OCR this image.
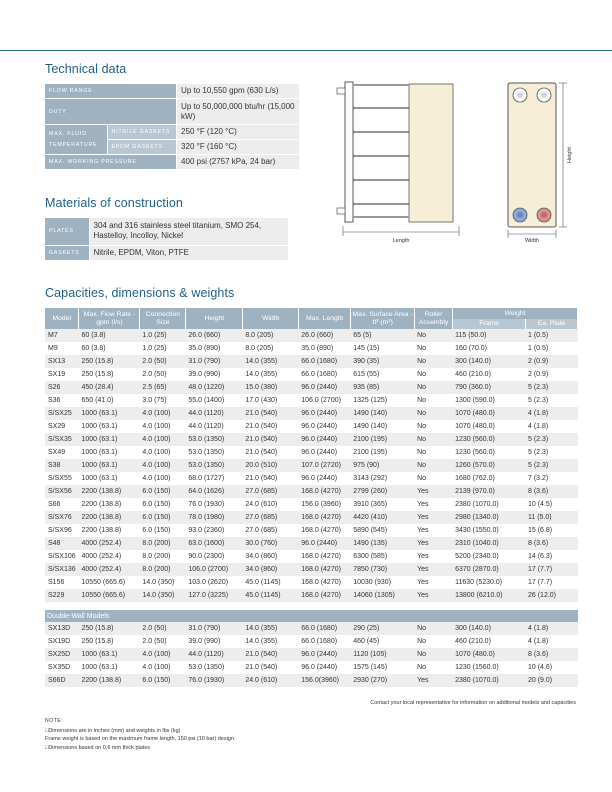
Technical data
FLOW RANGE		Up to 10,550 gpm (630 L/s)
DUTY		Up to 50,000,000 btu/hr (15,000 kW)
MAX. FLUID TEMPERATURE	NITRILE GASKETS	250 °F (120 °C)
	EPDM GASKETS	320 °F (160 °C)
MAX. WORKING PRESSURE		400 psi (2757 kPa, 24 bar)
Materials of construction
PLATES	304 and 316 stainless steel titanium, SMO 254, Hastelloy, Incolloy, Nickel
GASKETS	Nitrile, EPDM, Viton, PTFE
Length
Height
Width
Capacities, dimensions & weights
Model	Max. Flow Rate - gpm (l/s)	Connection Size	Height	Width	Max. Length	Max. Surface Area - ft² (m²)	Roller Assembly	Weight	
								Frame	Ea. Plate
M7	60 (3.8)	1.0 (25)	26.0 (660)	8.0 (205)	26.0 (660)	65 (5)	No	115 (50.0)	1 (0.5)
M9	60 (3.8)	1.0 (25)	35.0 (890)	8.0 (205)	35.0 (890)	145 (15)	No	160 (70.0)	1 (0.5)
SX13	250 (15.8)	2.0 (50)	31.0 (790)	14.0 (355)	66.0 (1680)	390 (35)	No	300 (140.0)	2 (0.9)
SX19	250 (15.8)	2.0 (50)	39.0 (990)	14.0 (355)	66.0 (1680)	615 (55)	No	460 (210.0)	2 (0.9)
S26	450 (28.4)	2.5 (65)	48.0 (1220)	15.0 (380)	96.0 (2440)	935 (85)	No	790 (360.0)	5 (2.3)
S36	650 (41.0)	3.0 (75)	55.0 (1400)	17.0 (430)	106.0 (2700)	1325 (125)	No	1300 (590.0)	5 (2.3)
S/SX25	1000 (63.1)	4.0 (100)	44.0 (1120)	21.0 (540)	96.0 (2440)	1490 (140)	No	1070 (480.0)	4 (1.8)
SX29	1000 (63.1)	4.0 (100)	44.0 (1120)	21.0 (540)	96.0 (2440)	1490 (140)	No	1070 (480.0)	4 (1.8)
S/SX35	1000 (63.1)	4.0 (100)	53.0 (1350)	21.0 (540)	96.0 (2440)	2100 (195)	No	1230 (560.0)	5 (2.3)
SX49	1000 (63.1)	4.0 (100)	53.0 (1350)	21.0 (540)	96.0 (2440)	2100 (195)	No	1230 (560.0)	5 (2.3)
S38	1000 (63.1)	4.0 (100)	53.0 (1350)	20.0 (510)	107.0 (2720)	975 (90)	No	1260 (570.0)	5 (2.3)
S/SX55	1000 (63.1)	4.0 (100)	68.0 (1727)	21.0 (540)	96.0 (2440)	3143 (292)	No	1680 (762.0)	7 (3.2)
S/SX56	2200 (138.8)	6.0 (150)	64.0 (1626)	27.0 (685)	168.0 (4270)	2799 (260)	Yes	2139 (970.0)	8 (3.6)
S66	2200 (138.8)	6.0 (150)	76.0 (1930)	24.0 (610)	156.0 (3960)	3910 (365)	Yes	2380 (1070.0)	10 (4.5)
S/SX76	2200 (138.8)	6.0 (150)	78.0 (1980)	27.0 (685)	168.0 (4270)	4420 (410)	Yes	2980 (1340.0)	11 (5.0)
S/SX96	2200 (138.8)	6.0 (150)	93.0 (2360)	27.0 (685)	168.0 (4270)	5890 (545)	Yes	3430 (1550.0)	15 (6.8)
S48	4000 (252.4)	8.0 (200)	63.0 (1600)	30.0 (760)	96.0 (2440)	1490 (135)	Yes	2310 (1040.0)	8 (3.6)
S/SX106	4000 (252.4)	8.0 (200)	90.0 (2300)	34.0 (860)	168.0 (4270)	6300 (585)	Yes	5200 (2340.0)	14 (6.3)
S/SX136	4000 (252.4)	8.0 (200)	106.0 (2700)	34.0 (860)	168.0 (4270)	7850 (730)	Yes	6370 (2870.0)	17 (7.7)
S156	10550 (665.6)	14.0 (350)	103.0 (2620)	45.0 (1145)	168.0 (4270)	10030 (930)	Yes	11630 (5230.0)	17 (7.7)
S229	10550 (665.6)	14.0 (350)	127.0 (3225)	45.0 (1145)	168.0 (4270)	14060 (1305)	Yes	13800 (6210.0)	26 (12.0)

Double-Wall Models									
SX13D	250 (15.8)	2.0 (50)	31.0 (790)	14.0 (355)	66.0 (1680)	290 (25)	No	300 (140.0)	4 (1.8)
SX19D	250 (15.8)	2.0 (50)	39.0 (990)	14.0 (355)	66.0 (1680)	460 (45)	No	460 (210.0)	4 (1.8)
SX25D	1000 (63.1)	4.0 (100)	44.0 (1120)	21.0 (540)	96.0 (2440)	1120 (105)	No	1070 (480.0)	8 (3.6)
SX35D	1000 (63.1)	4.0 (100)	53.0 (1350)	21.0 (540)	96.0 (2440)	1575 (145)	No	1230 (1560.0)	10 (4.6)
S66D	2200 (138.8)	6.0 (150)	76.0 (1930)	24.0 (610)	156.0(3960)	2930 (270)	Yes	2380 (1070.0)	20 (9.0)
Contact your local representative for information on additional models and capacities
NOTE:
□Dimensions are in inches (mm) and weights in lbs (kg)
Frame weight is based on the maximum frame length, 150 psi (10 bar) design
□Dimensions based on 0.6 mm thick plates
